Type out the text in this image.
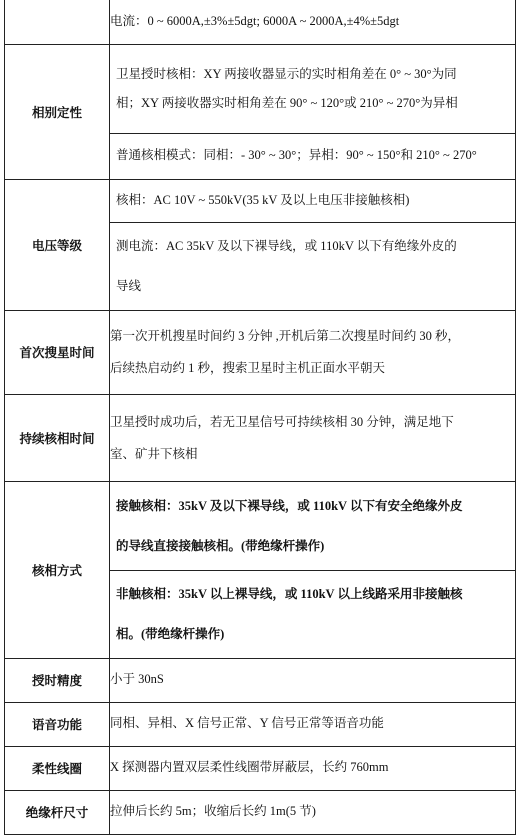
	电流：0 ~ 6000A,±3%±5dgt; 6000A ~ 2000A,±4%±5dgt

相别定性	卫星授时核相：XY 两接收器显示的实时相角差在 0° ~ 30°为同
相；XY 两接收器实时相角差在 90° ~ 120°或 210° ~ 270°为异相
普通核相模式：同相：- 30° ~ 30°；异相：90° ~ 150°和 210° ~ 270°

电压等级	核相：AC 10V ~ 550kV(35 kV 及以上电压非接触核相)
测电流：AC 35kV 及以下裸导线，或 110kV 以下有绝缘外皮的
导线

首次搜星时间	第一次开机搜星时间约 3 分钟 ,开机后第二次搜星时间约 30 秒，
后续热启动约 1 秒，搜索卫星时主机正面水平朝天

持续核相时间	卫星授时成功后，若无卫星信号可持续核相 30 分钟，满足地下
室、矿井下核相

核相方式	接触核相：35kV 及以下裸导线，或 110kV 以下有安全绝缘外皮
的导线直接接触核相。(带绝缘杆操作)
非触核相：35kV 以上裸导线，或 110kV 以上线路采用非接触核
相。(带绝缘杆操作)

授时精度	小于 30nS

语音功能	同相、异相、X 信号正常、Y 信号正常等语音功能

柔性线圈	X 探测器内置双层柔性线圈带屏蔽层，长约 760mm

绝缘杆尺寸	拉伸后长约 5m；收缩后长约 1m(5 节)
